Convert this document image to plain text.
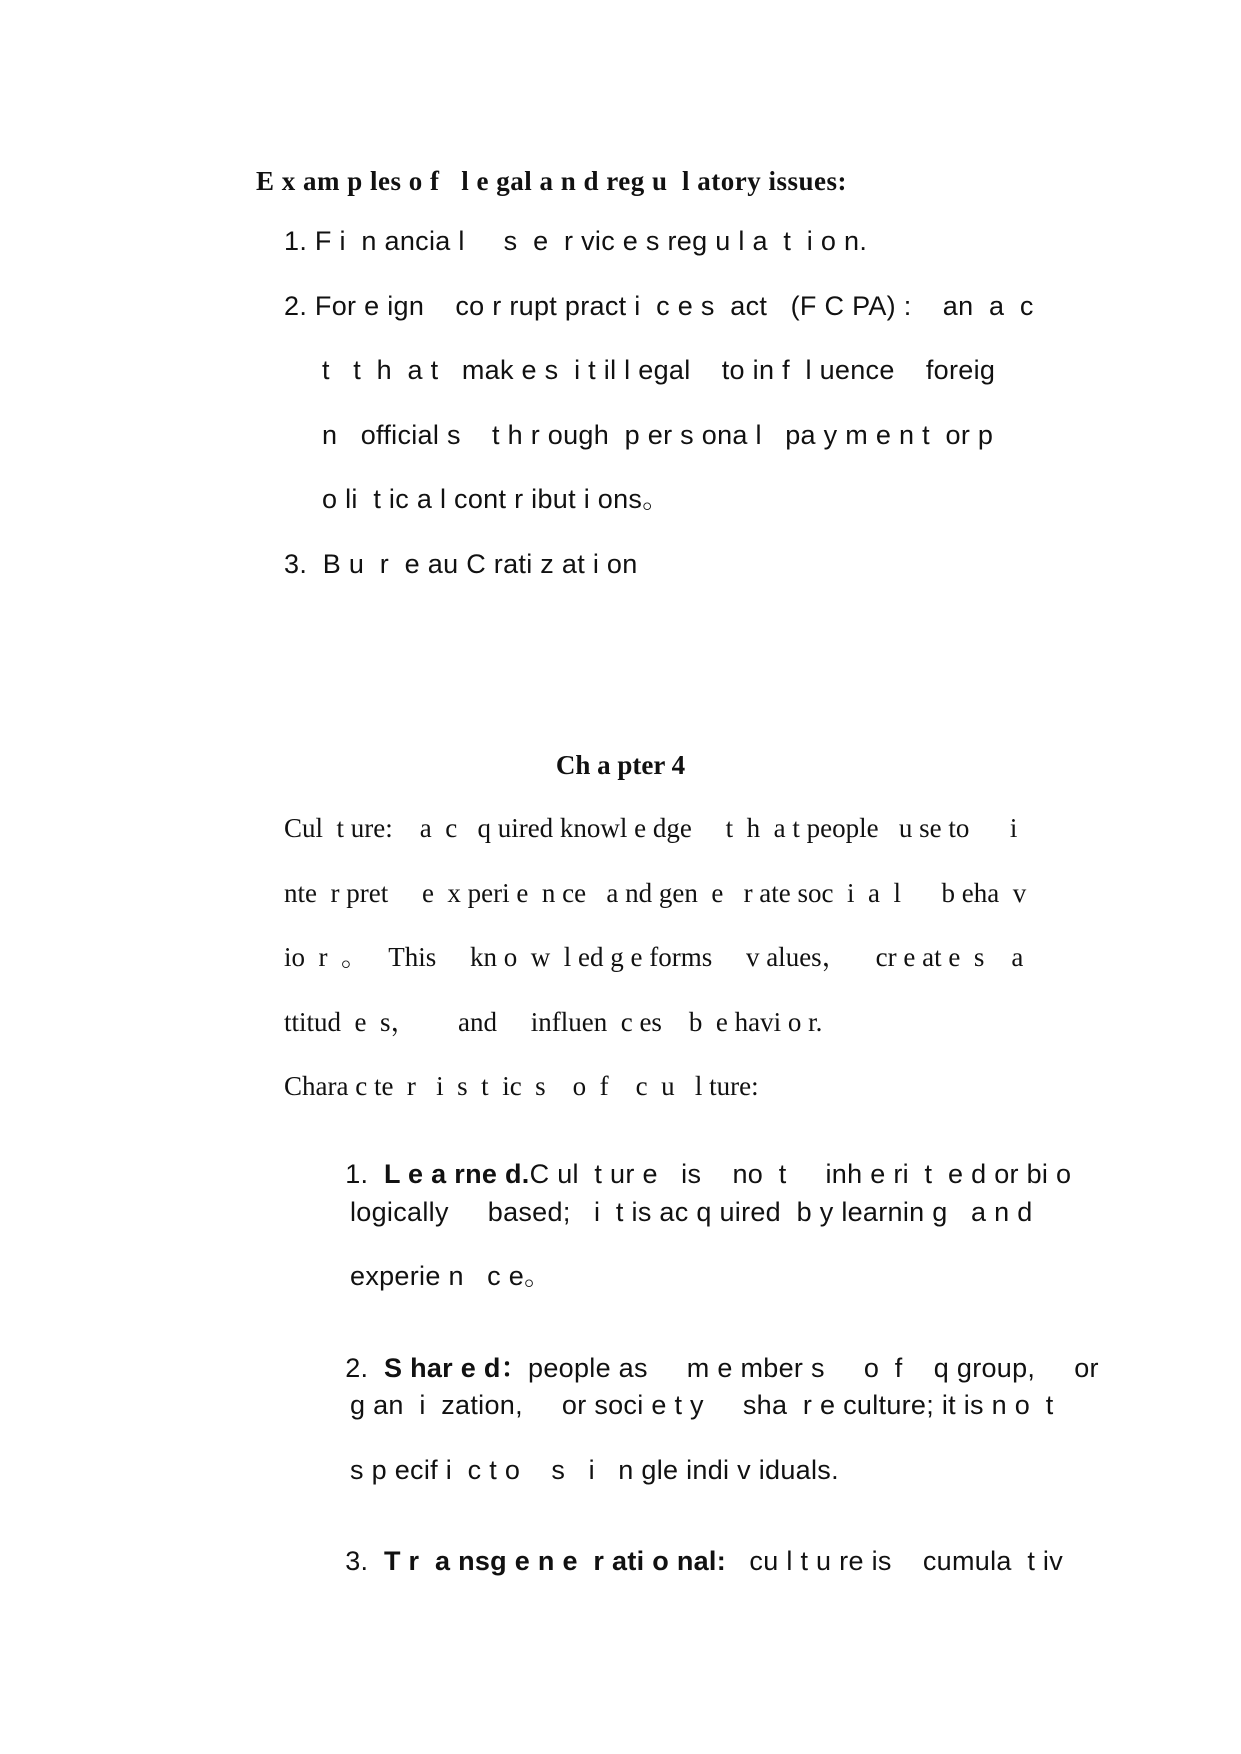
E x am p les o f   l e gal a n d reg u  l atory issues:
1. F i  n ancia l     s  e  r vic e s reg u l a  t  i o n.
2. For e ign    co r rupt pract i  c e s  act   (F C PA) :    an  a  c
t   t  h  a t   mak e s  i t il l egal    to in f  l uence    foreig
n   official s    t h r ough  p er s ona l   pa y m e n t  or p
o li  t ic a l cont r ibut i ons。
3.  B u  r  e au C rati z at i on
Ch a pter 4
Cul  t ure:    a  c   q uired knowl e dge     t  h  a t people   u se to      i
nte  r pret     e  x peri e  n ce   a nd gen  e   r ate soc  i  a  l      b eha  v
io  r  。   This     kn o  w  l ed g e forms     v alues，    cr e at e  s    a
ttitud  e  s，      and     influen  c es    b  e havi o r.
Chara c te  r   i  s  t  ic  s    o  f    c  u   l ture:

1. L e a rne d.C ul  t ur e   is    no  t     inh e ri  t  e d or bi o

logically     based;   i  t is ac q uired  b y learnin g   a n d
experie n   c e。

2. S har e d：people as     m e mber s     o  f    q group,     or

g an  i  zation,     or soci e t y     sha  r e culture; it is n o  t
s p ecif i  c t o    s   i   n gle indi v iduals.

3. T r  a nsg e n e  r ati o nal:   cu l t u re is    cumula  t iv
